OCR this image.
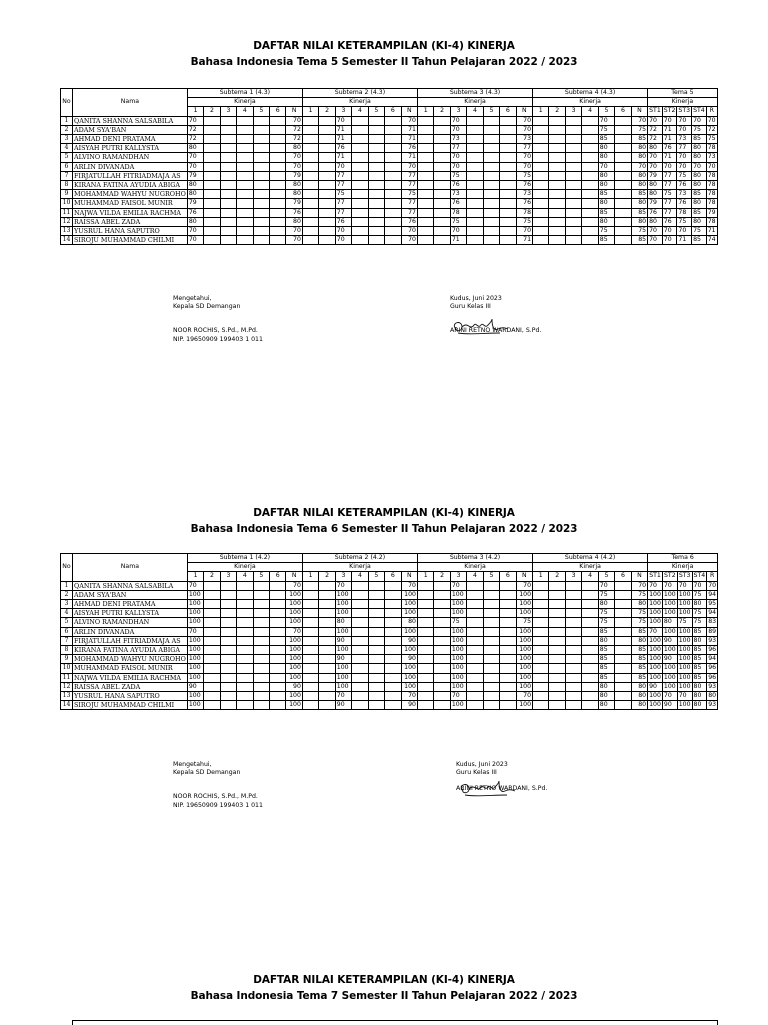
DAFTAR NILAI KETERAMPILAN (KI-4) KINERJA
Bahasa Indonesia Tema 5 Semester II Tahun Pelajaran 2022 / 2023
No	Nama	Subtema 1 (4.3)							Subtema 2 (4.3)							Subtema 3 (4.3)							Subtema 4 (4.3)							Tema 5				
		Kinerja							Kinerja							Kinerja							Kinerja							Kinerja				
		1	2	3	4	5	6	N	1	2	3	4	5	6	N	1	2	3	4	5	6	N	1	2	3	4	5	6	N	ST1	ST2	ST3	ST4	R
1	QANITA SHANNA SALSABILA	70						70			70				70			70				70					70		70	70	70	70	70	70
2	ADAM SYA'BAN	72						72			71				71			70				70					75		75	72	71	70	75	72
3	AHMAD DENI PRATAMA	72						72			71				71			73				73					85		85	72	71	73	85	75
4	AISYAH PUTRI KALLYSTA	80						80			76				76			77				77					80		80	80	76	77	80	78
5	ALVINO RAMANDHAN	70						70			71				71			70				70					80		80	70	71	70	80	73
6	ARLIN DIVANADA	70						70			70				70			70				70					70		70	70	70	70	70	70
7	FIRJATULLAH FITRIADMAJA AS	79						79			77				77			75				75					80		80	79	77	75	80	78
8	KIRANA FATINA AYUDIA ABIGA	80						80			77				77			76				76					80		80	80	77	76	80	78
9	MOHAMMAD WAHYU NUGROHO	80						80			75				75			73				73					85		85	80	75	73	85	78
10	MUHAMMAD FAISOL MUNIR	79						79			77				77			76				76					80		80	79	77	76	80	78
11	NAJWA VILDA EMILIA RACHMA	76						76			77				77			78				78					85		85	76	77	78	85	79
12	RAISSA ABEL ZADA	80						80			76				76			75				75					80		80	80	76	75	80	78
13	YUSRUL HANA SAPUTRO	70						70			70				70			70				70					75		75	70	70	70	75	71
14	SIROJU MUHAMMAD CHILMI	70						70			70				70			71				71					85		85	70	70	71	85	74
Mengetahui,
Kepala SD Demangan
NOOR ROCHIS, S.Pd., M.Pd.
NIP. 19650909 199403 1 011
Kudus, Juni 2023
Guru Kelas III
ARINI RETNO WARDANI, S.Pd.
DAFTAR NILAI KETERAMPILAN (KI-4) KINERJA
Bahasa Indonesia Tema 6 Semester II Tahun Pelajaran 2022 / 2023
No	Nama	Subtema 1 (4.2)							Subtema 2 (4.2)							Subtema 3 (4.2)							Subtema 4 (4.2)							Tema 6				
		Kinerja							Kinerja							Kinerja							Kinerja							Kinerja				
		1	2	3	4	5	6	N	1	2	3	4	5	6	N	1	2	3	4	5	6	N	1	2	3	4	5	6	N	ST1	ST2	ST3	ST4	R
1	QANITA SHANNA SALSABILA	70						70			70				70			70				70					70		70	70	70	70	70	70
2	ADAM SYA'BAN	100						100			100				100			100				100					75		75	100	100	100	75	94
3	AHMAD DENI PRATAMA	100						100			100				100			100				100					80		80	100	100	100	80	95
4	AISYAH PUTRI KALLYSTA	100						100			100				100			100				100					75		75	100	100	100	75	94
5	ALVINO RAMANDHAN	100						100			80				80			75				75					75		75	100	80	75	75	83
6	ARLIN DIVANADA	70						70			100				100			100				100					85		85	70	100	100	85	89
7	FIRJATULLAH FITRIADMAJA AS	100						100			90				90			100				100					80		80	100	90	100	80	93
8	KIRANA FATINA AYUDIA ABIGA	100						100			100				100			100				100					85		85	100	100	100	85	96
9	MOHAMMAD WAHYU NUGROHO	100						100			90				90			100				100					85		85	100	90	100	85	94
10	MUHAMMAD FAISOL MUNIR	100						100			100				100			100				100					85		85	100	100	100	85	96
11	NAJWA VILDA EMILIA RACHMA	100						100			100				100			100				100					85		85	100	100	100	85	96
12	RAISSA ABEL ZADA	90						90			100				100			100				100					80		80	90	100	100	80	93
13	YUSRUL HANA SAPUTRO	100						100			70				70			70				70					80		80	100	70	70	80	80
14	SIROJU MUHAMMAD CHILMI	100						100			90				90			100				100					80		80	100	90	100	80	93
Mengetahui,
Kepala SD Demangan
NOOR ROCHIS, S.Pd., M.Pd.
NIP. 19650909 199403 1 011
Kudus, Juni 2023
Guru Kelas III
ARINI RETNO WARDANI, S.Pd.
DAFTAR NILAI KETERAMPILAN (KI-4) KINERJA
Bahasa Indonesia Tema 7 Semester II Tahun Pelajaran 2022 / 2023
